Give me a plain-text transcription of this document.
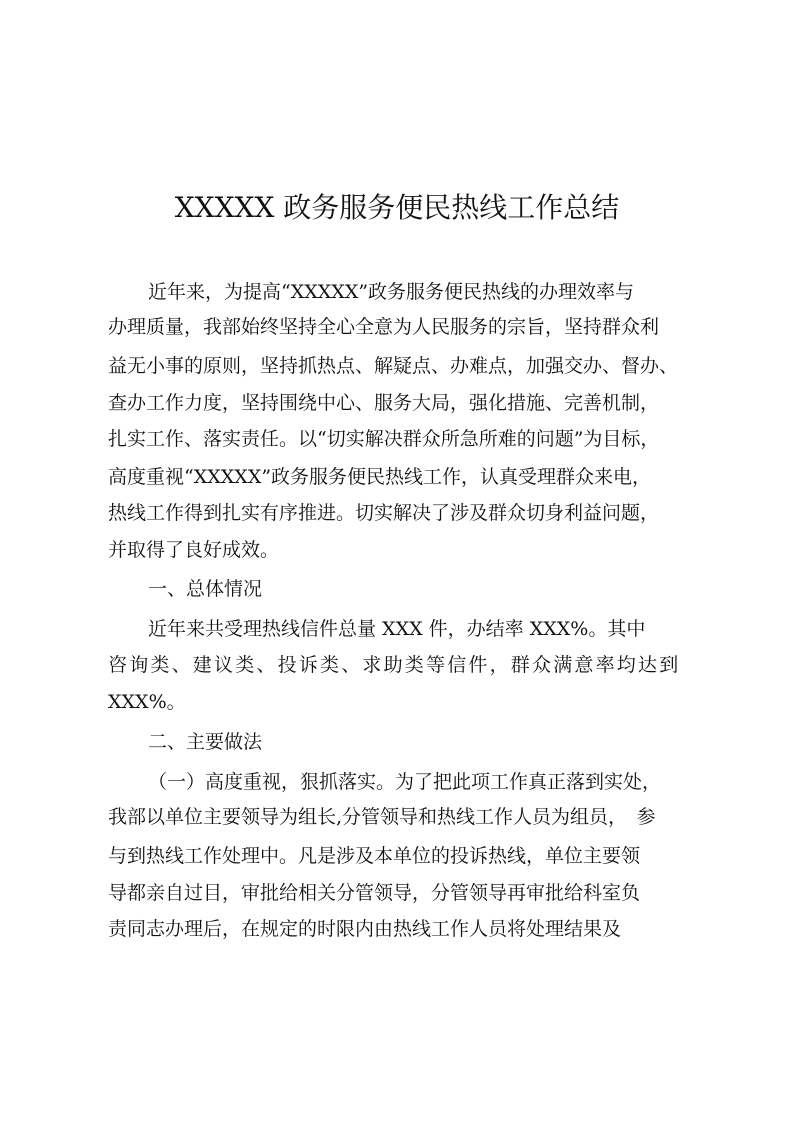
XXXXX 政务服务便民热线工作总结
近年来，为提高“XXXXX”政务服务便民热线的办理效率与
办理质量，我部始终坚持全心全意为人民服务的宗旨，坚持群众利
益无小事的原则，坚持抓热点、解疑点、办难点，加强交办、督办、
查办工作力度，坚持围绕中心、服务大局，强化措施、完善机制，
扎实工作、落实责任。以“切实解决群众所急所难的问题”为目标，
高度重视“XXXXX”政务服务便民热线工作，认真受理群众来电，
热线工作得到扎实有序推进。切实解决了涉及群众切身利益问题，
并取得了良好成效。
一、总体情况
近年来共受理热线信件总量 XXX 件，办结率 XXX%。其中
咨询类、建议类、投诉类、求助类等信件，群众满意率均达到
XXX%。
二、主要做法
（一）高度重视，狠抓落实。为了把此项工作真正落到实处，
我部以单位主要领导为组长,分管领导和热线工作人员为组员，　参
与到热线工作处理中。凡是涉及本单位的投诉热线，单位主要领
导都亲自过目，审批给相关分管领导，分管领导再审批给科室负
责同志办理后，在规定的时限内由热线工作人员将处理结果及
